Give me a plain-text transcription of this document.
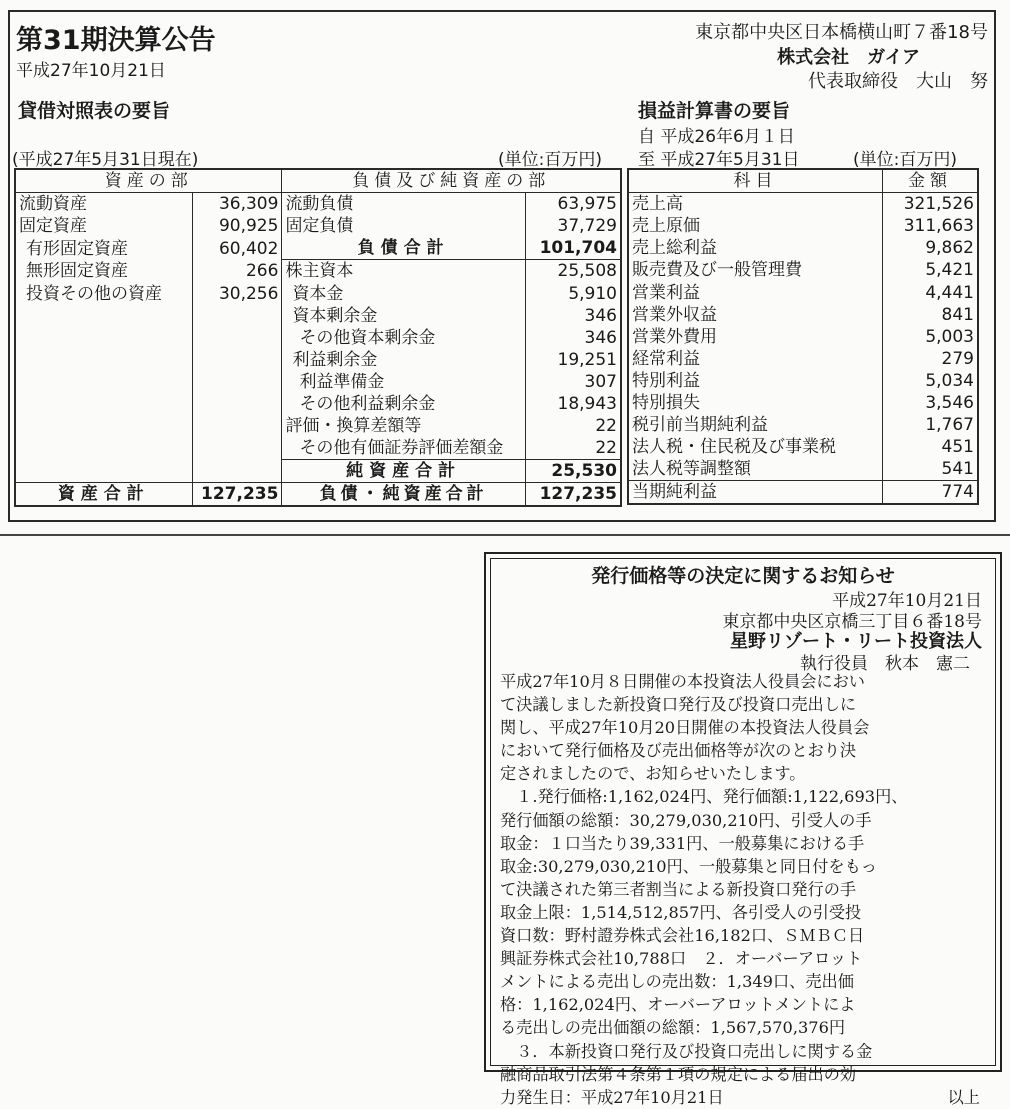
第31期決算公告
平成27年10月21日
東京都中央区日本橋横山町７番18号
株式会社　ガイア
代表取締役　大山　努
貸借対照表の要旨	損益計算書の要旨
自 平成26年6月１日
(平成27年5月31日現在)	(単位:百万円) 至 平成27年5月31日	(単位:百万円)
資産の部		負債及び純資産の部	
流動資産	36,309	流動負債	63,975
固定資産	90,925	固定負債	37,729
有形固定資産	60,402	負債合計	101,704
無形固定資産	266	株主資本	25,508
投資その他の資産	30,256	資本金	5,910
		資本剰余金	346
		その他資本剰余金	346
		利益剰余金	19,251
		利益準備金	307
		その他利益剰余金	18,943
		評価・換算差額等	22
		その他有価証券評価差額金	22
		純資産合計	25,530
資産合計	127,235	負債・純資産合計	127,235
科目	金額
売上高	321,526
売上原価	311,663
売上総利益	9,862
販売費及び一般管理費	5,421
営業利益	4,441
営業外収益	841
営業外費用	5,003
経常利益	279
特別利益	5,034
特別損失	3,546
税引前当期純利益	1,767
法人税・住民税及び事業税	451
法人税等調整額	541
当期純利益	774
発行価格等の決定に関するお知らせ
平成27年10月21日
東京都中央区京橋三丁目６番18号
星野リゾート・リート投資法人
執行役員　秋本　憲二
平成27年10月８日開催の本投資法人役員会におい
て決議しました新投資口発行及び投資口売出しに
関し、平成27年10月20日開催の本投資法人役員会
において発行価格及び売出価格等が次のとおり決
定されましたので、お知らせいたします。
　１.発行価格:1,162,024円、発行価額:1,122,693円、
発行価額の総額：30,279,030,210円、引受人の手
取金：１口当たり39,331円、一般募集における手
取金:30,279,030,210円、一般募集と同日付をもっ
て決議された第三者割当による新投資口発行の手
取金上限：1,514,512,857円、各引受人の引受投
資口数：野村證券株式会社16,182口、ＳＭＢＣ日
興証券株式会社10,788口　２．オーバーアロット
メントによる売出しの売出数：1,349口、売出価
格：1,162,024円、オーバーアロットメントによ
る売出しの売出価額の総額：1,567,570,376円
　３．本新投資口発行及び投資口売出しに関する金
融商品取引法第４条第１項の規定による届出の効
力発生日：平成27年10月21日	以上
